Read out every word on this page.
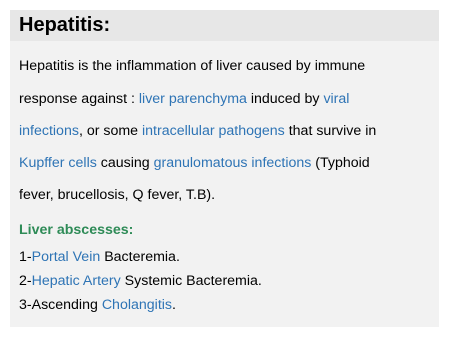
Hepatitis:
Hepatitis is the inflammation of liver caused by immune
response against : liver parenchyma induced by viral
infections, or some intracellular pathogens that survive in
Kupffer cells causing granulomatous infections (Typhoid
fever, brucellosis, Q fever, T.B).
Liver abscesses:
1-Portal Vein Bacteremia.
2-Hepatic Artery Systemic Bacteremia.
3-Ascending Cholangitis.
